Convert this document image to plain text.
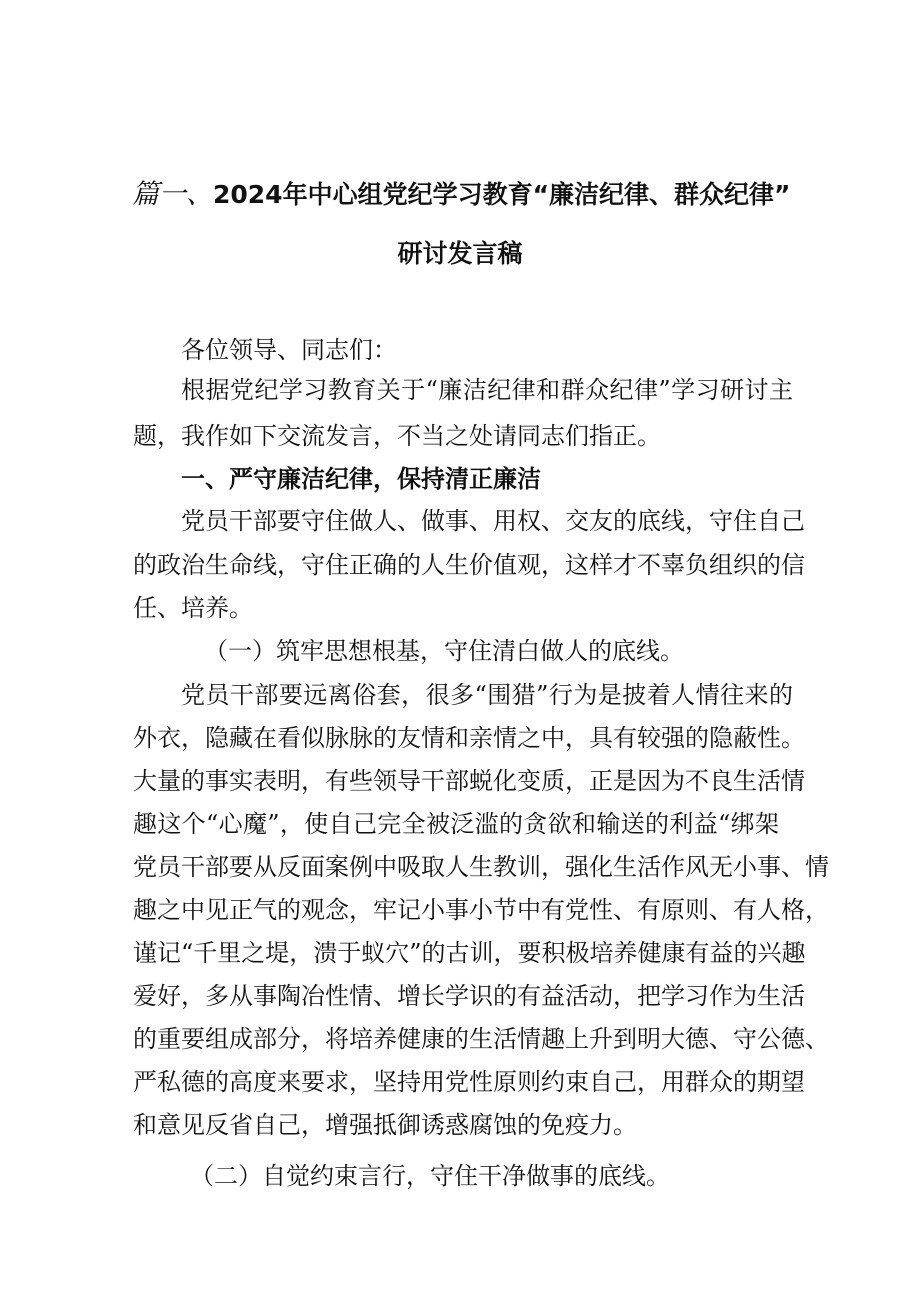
篇一、2024年中心组党纪学习教育“廉洁纪律、群众纪律”
研讨发言稿
各位领导、同志们：
根据党纪学习教育关于“廉洁纪律和群众纪律”学习研讨主
题，我作如下交流发言，不当之处请同志们指正。
一、严守廉洁纪律，保持清正廉洁
党员干部要守住做人、做事、用权、交友的底线，守住自己
的政治生命线，守住正确的人生价值观，这样才不辜负组织的信
任、培养。
（一）筑牢思想根基，守住清白做人的底线。
党员干部要远离俗套，很多“围猎”行为是披着人情往来的
外衣，隐藏在看似脉脉的友情和亲情之中，具有较强的隐蔽性。
大量的事实表明，有些领导干部蜕化变质，正是因为不良生活情
趣这个“心魔”，使自己完全被泛滥的贪欲和输送的利益“绑架
党员干部要从反面案例中吸取人生教训，强化生活作风无小事、情
趣之中见正气的观念，牢记小事小节中有党性、有原则、有人格，
谨记“千里之堤，溃于蚁穴”的古训，要积极培养健康有益的兴趣
爱好，多从事陶冶性情、增长学识的有益活动，把学习作为生活
的重要组成部分，将培养健康的生活情趣上升到明大德、守公德、
严私德的高度来要求，坚持用党性原则约束自己，用群众的期望
和意见反省自己，增强抵御诱惑腐蚀的免疫力。
（二）自觉约束言行，守住干净做事的底线。
